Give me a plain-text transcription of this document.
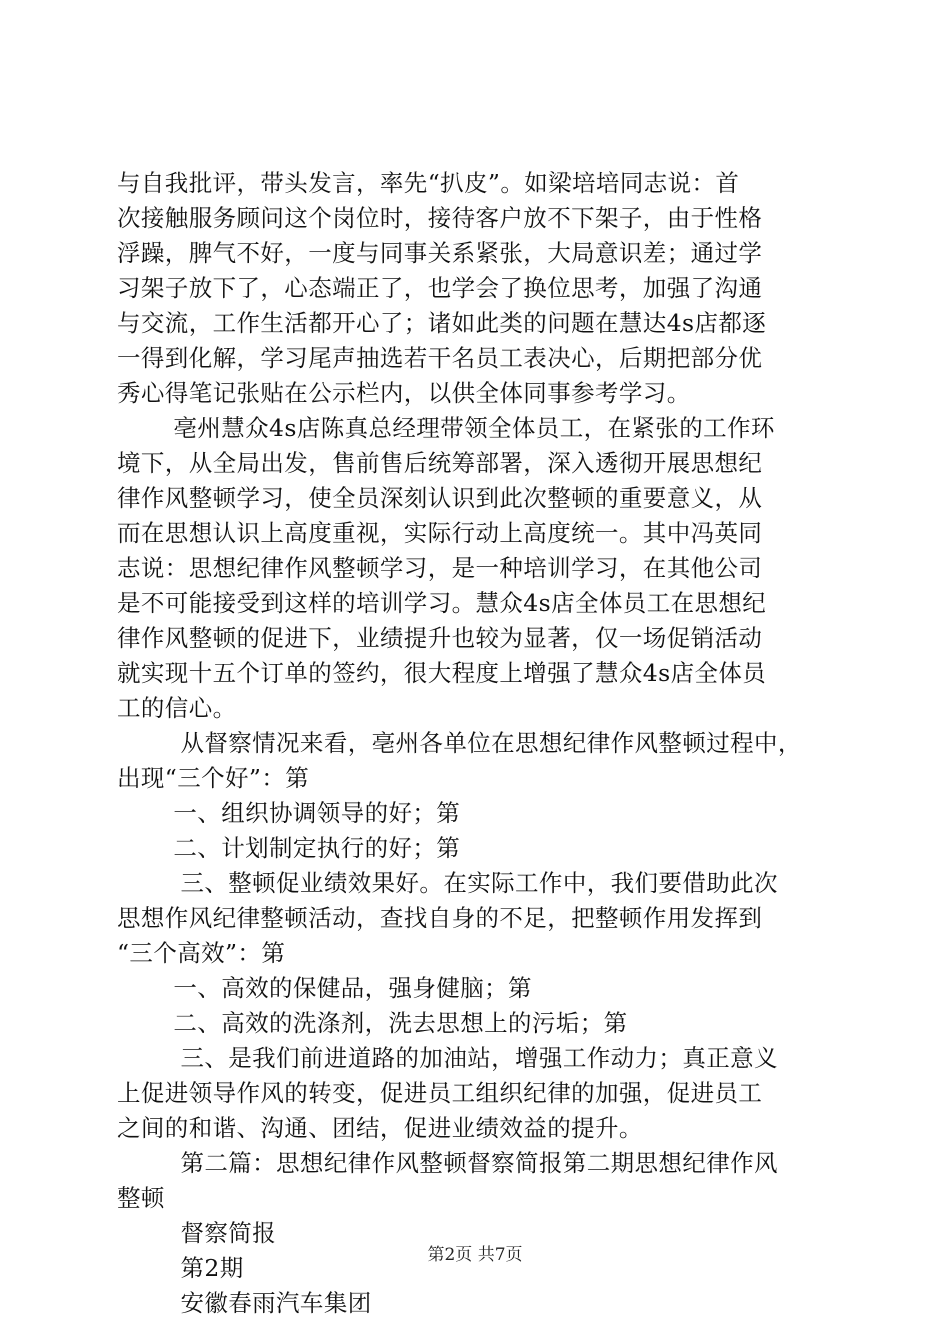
与自我批评，带头发言，率先“扒皮”。如梁培培同志说：首
次接触服务顾问这个岗位时，接待客户放不下架子，由于性格
浮躁，脾气不好，一度与同事关系紧张，大局意识差；通过学
习架子放下了，心态端正了，也学会了换位思考，加强了沟通
与交流，工作生活都开心了；诸如此类的问题在慧达4s店都逐
一得到化解，学习尾声抽选若干名员工表决心，后期把部分优
秀心得笔记张贴在公示栏内，以供全体同事参考学习。
亳州慧众4s店陈真总经理带领全体员工，在紧张的工作环
境下，从全局出发，售前售后统筹部署，深入透彻开展思想纪
律作风整顿学习，使全员深刻认识到此次整顿的重要意义，从
而在思想认识上高度重视，实际行动上高度统一。其中冯英同
志说：思想纪律作风整顿学习，是一种培训学习，在其他公司
是不可能接受到这样的培训学习。慧众4s店全体员工在思想纪
律作风整顿的促进下，业绩提升也较为显著，仅一场促销活动
就实现十五个订单的签约，很大程度上增强了慧众4s店全体员
工的信心。
从督察情况来看，亳州各单位在思想纪律作风整顿过程中，
出现“三个好”：第
一、组织协调领导的好；第
二、计划制定执行的好；第
三、整顿促业绩效果好。在实际工作中，我们要借助此次
思想作风纪律整顿活动，查找自身的不足，把整顿作用发挥到
“三个高效”：第
一、高效的保健品，强身健脑；第
二、高效的洗涤剂，洗去思想上的污垢；第
三、是我们前进道路的加油站，增强工作动力；真正意义
上促进领导作风的转变，促进员工组织纪律的加强，促进员工
之间的和谐、沟通、团结，促进业绩效益的提升。
第二篇：思想纪律作风整顿督察简报第二期思想纪律作风
整顿
督察简报
第2期
安徽春雨汽车集团
第2页 共7页
